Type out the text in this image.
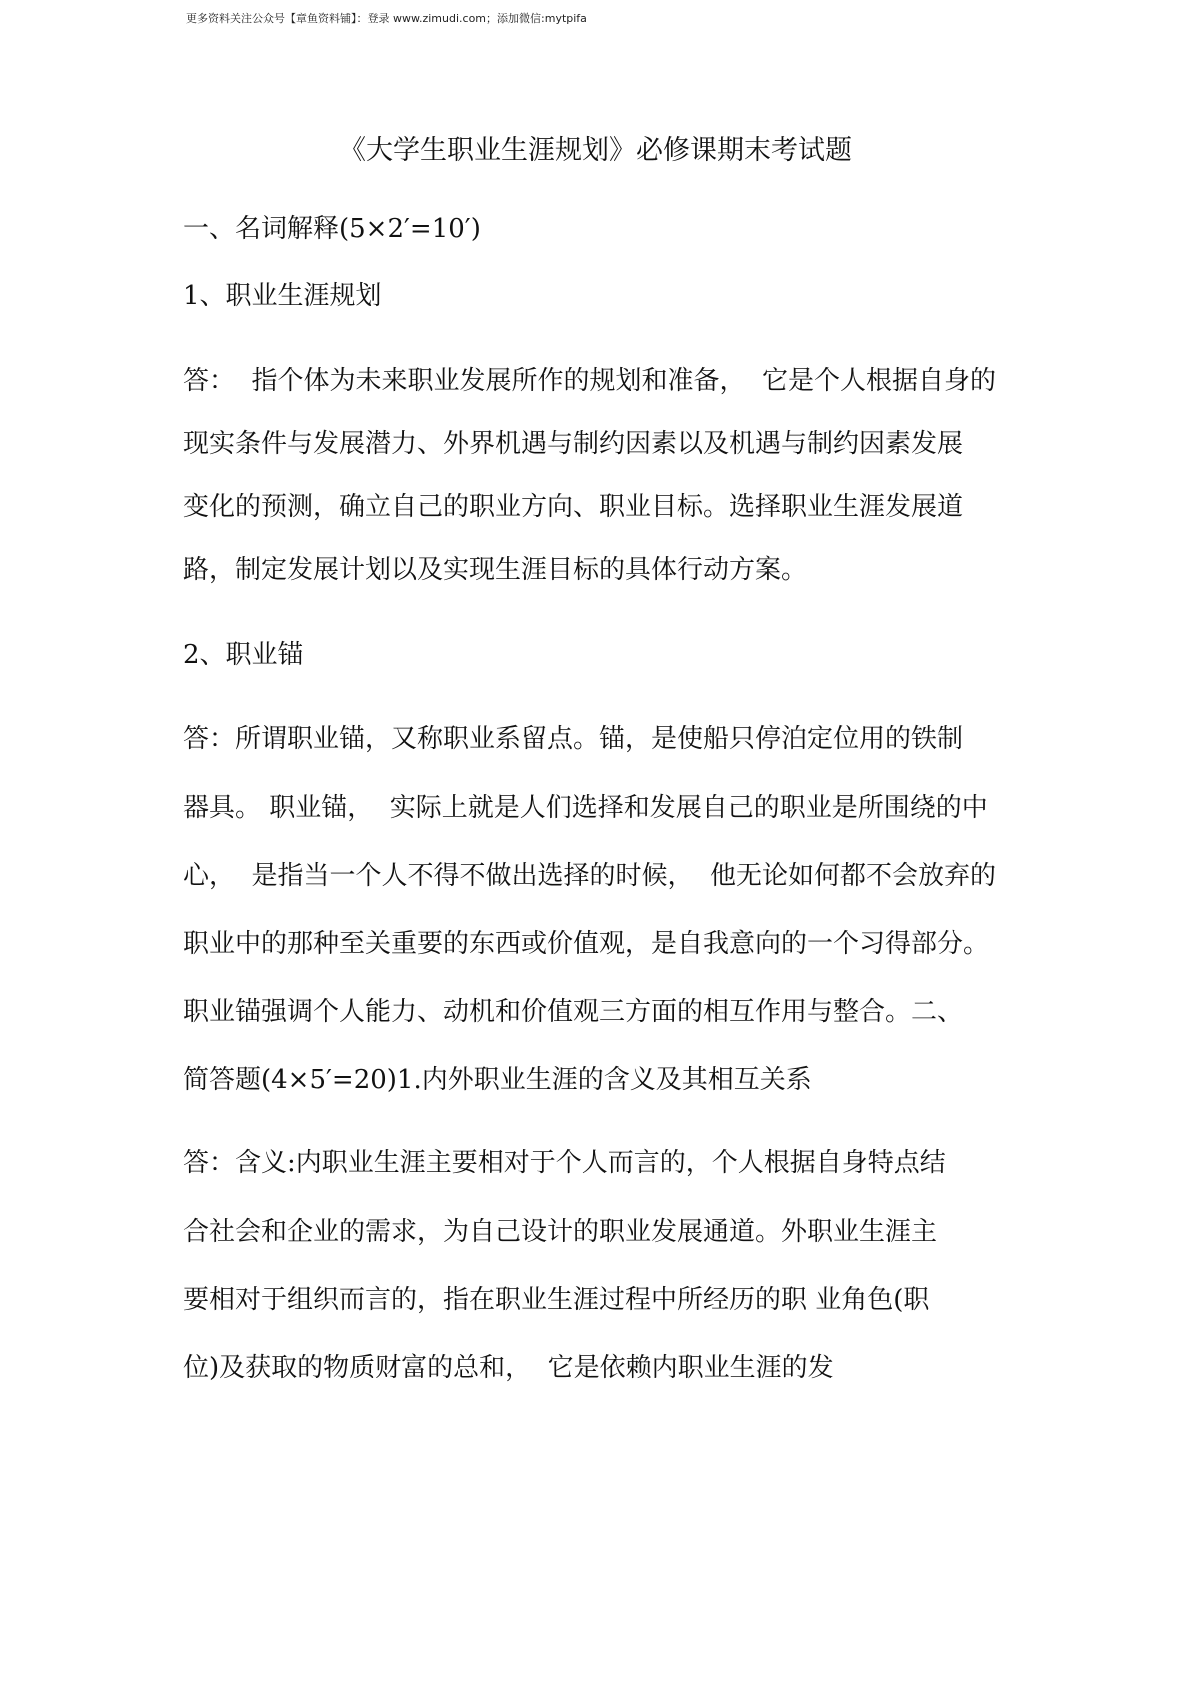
更多资料关注公众号【章鱼资料铺】：登录 www.zimudi.com；添加微信:mytpifa
《大学生职业生涯规划》必修课期末考试题
一、名词解释(5×2′=10′)
1、职业生涯规划
答：  指个体为未来职业发展所作的规划和准备，  它是个人根据自身的
现实条件与发展潜力、外界机遇与制约因素以及机遇与制约因素发展
变化的预测，确立自己的职业方向、职业目标。选择职业生涯发展道
路，制定发展计划以及实现生涯目标的具体行动方案。
2、职业锚
答：所谓职业锚，又称职业系留点。锚，是使船只停泊定位用的铁制
器具。 职业锚，  实际上就是人们选择和发展自己的职业是所围绕的中
心，  是指当一个人不得不做出选择的时候，  他无论如何都不会放弃的
职业中的那种至关重要的东西或价值观，是自我意向的一个习得部分。
职业锚强调个人能力、动机和价值观三方面的相互作用与整合。二、
简答题(4×5′=20)1.内外职业生涯的含义及其相互关系
答：含义:内职业生涯主要相对于个人而言的，个人根据自身特点结
合社会和企业的需求，为自己设计的职业发展通道。外职业生涯主
要相对于组织而言的，指在职业生涯过程中所经历的职 业角色(职
位)及获取的物质财富的总和，  它是依赖内职业生涯的发
